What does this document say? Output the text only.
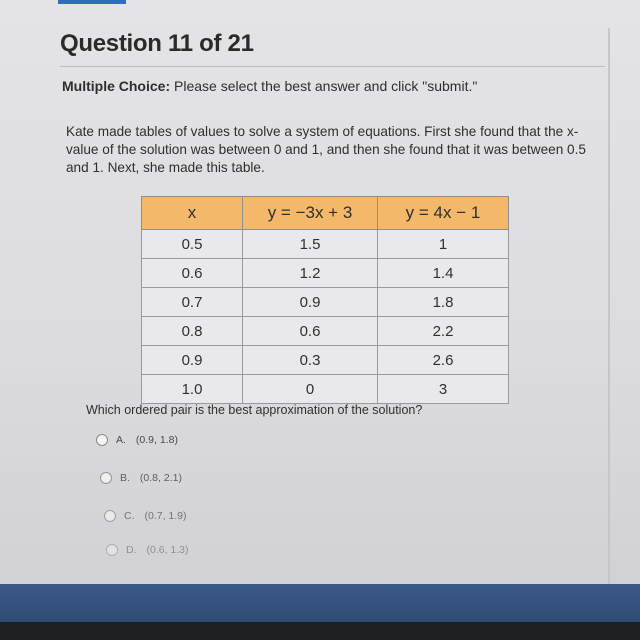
Question 11 of 21
Multiple Choice: Please select the best answer and click "submit."
Kate made tables of values to solve a system of equations. First she found that the x-value of the solution was between 0 and 1, and then she found that it was between 0.5 and 1. Next, she made this table.
x	y = −3x + 3	y = 4x − 1
0.5	1.5	1
0.6	1.2	1.4
0.7	0.9	1.8
0.8	0.6	2.2
0.9	0.3	2.6
1.0	0	3
Which ordered pair is the best approximation of the solution?
A. (0.9, 1.8)
B. (0.8, 2.1)
C. (0.7, 1.9)
D. (0.6, 1.3)
